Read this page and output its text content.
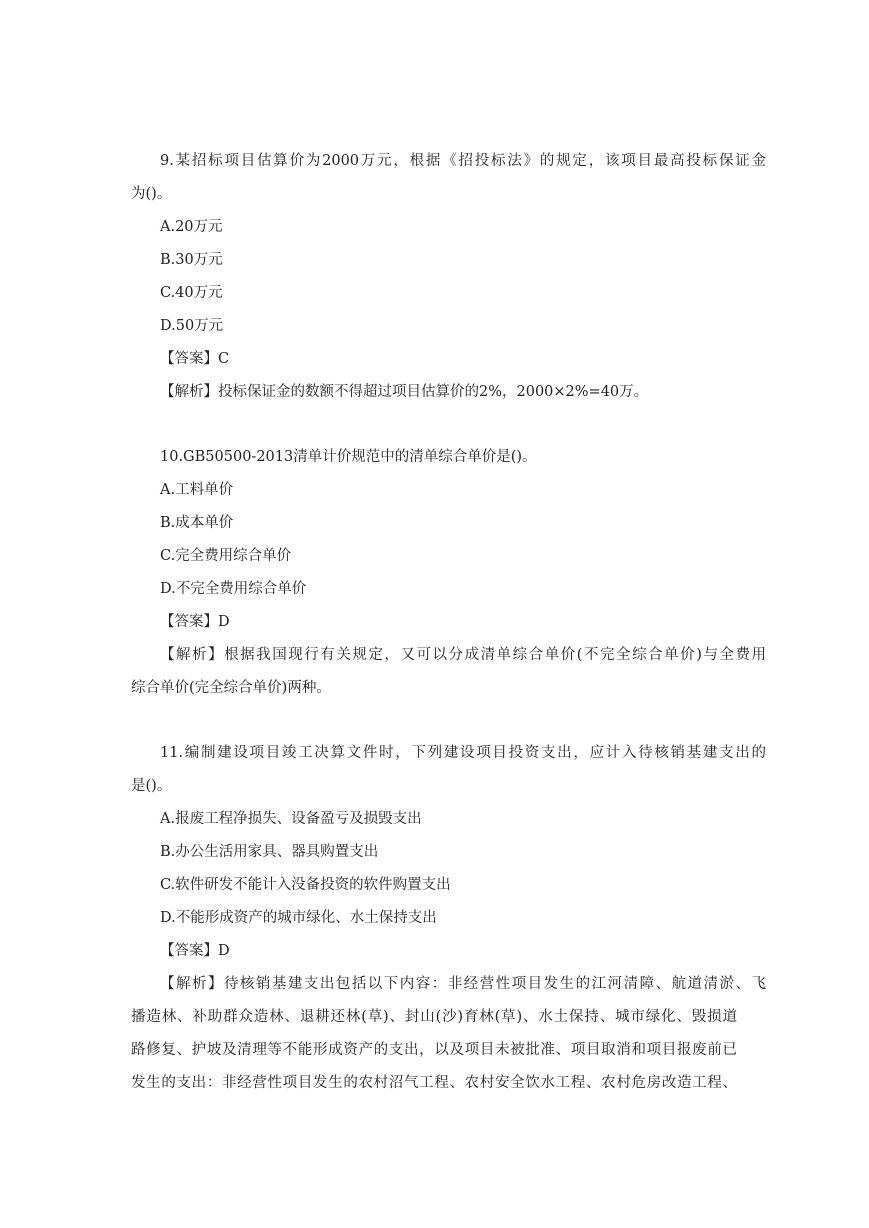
9.某招标项目估算价为2000万元，根据《招投标法》的规定，该项目最高投标保证金

为()。

A.20万元

B.30万元

C.40万元

D.50万元

【答案】C

【解析】投标保证金的数额不得超过项目估算价的2%，2000×2%=40万。

10.GB50500-2013清单计价规范中的清单综合单价是()。

A.工料单价

B.成本单价

C.完全费用综合单价

D.不完全费用综合单价

【答案】D

【解析】根据我国现行有关规定，又可以分成清单综合单价(不完全综合单价)与全费用

综合单价(完全综合单价)两种。

11.编制建设项目竣工决算文件时，下列建设项目投资支出，应计入待核销基建支出的

是()。

A.报废工程净损失、设备盈亏及损毁支出

B.办公生活用家具、器具购置支出

C.软件研发不能计入没备投资的软件购置支出

D.不能形成资产的城市绿化、水土保持支出

【答案】D

【解析】待核销基建支出包括以下内容：非经营性项目发生的江河清障、航道清淤、飞

播造林、补助群众造林、退耕还林(草)、封山(沙)育林(草)、水土保持、城市绿化、毁损道

路修复、护坡及清理等不能形成资产的支出，以及项目未被批准、项目取消和项目报废前已

发生的支出：非经营性项目发生的农村沼气工程、农村安全饮水工程、农村危房改造工程、
